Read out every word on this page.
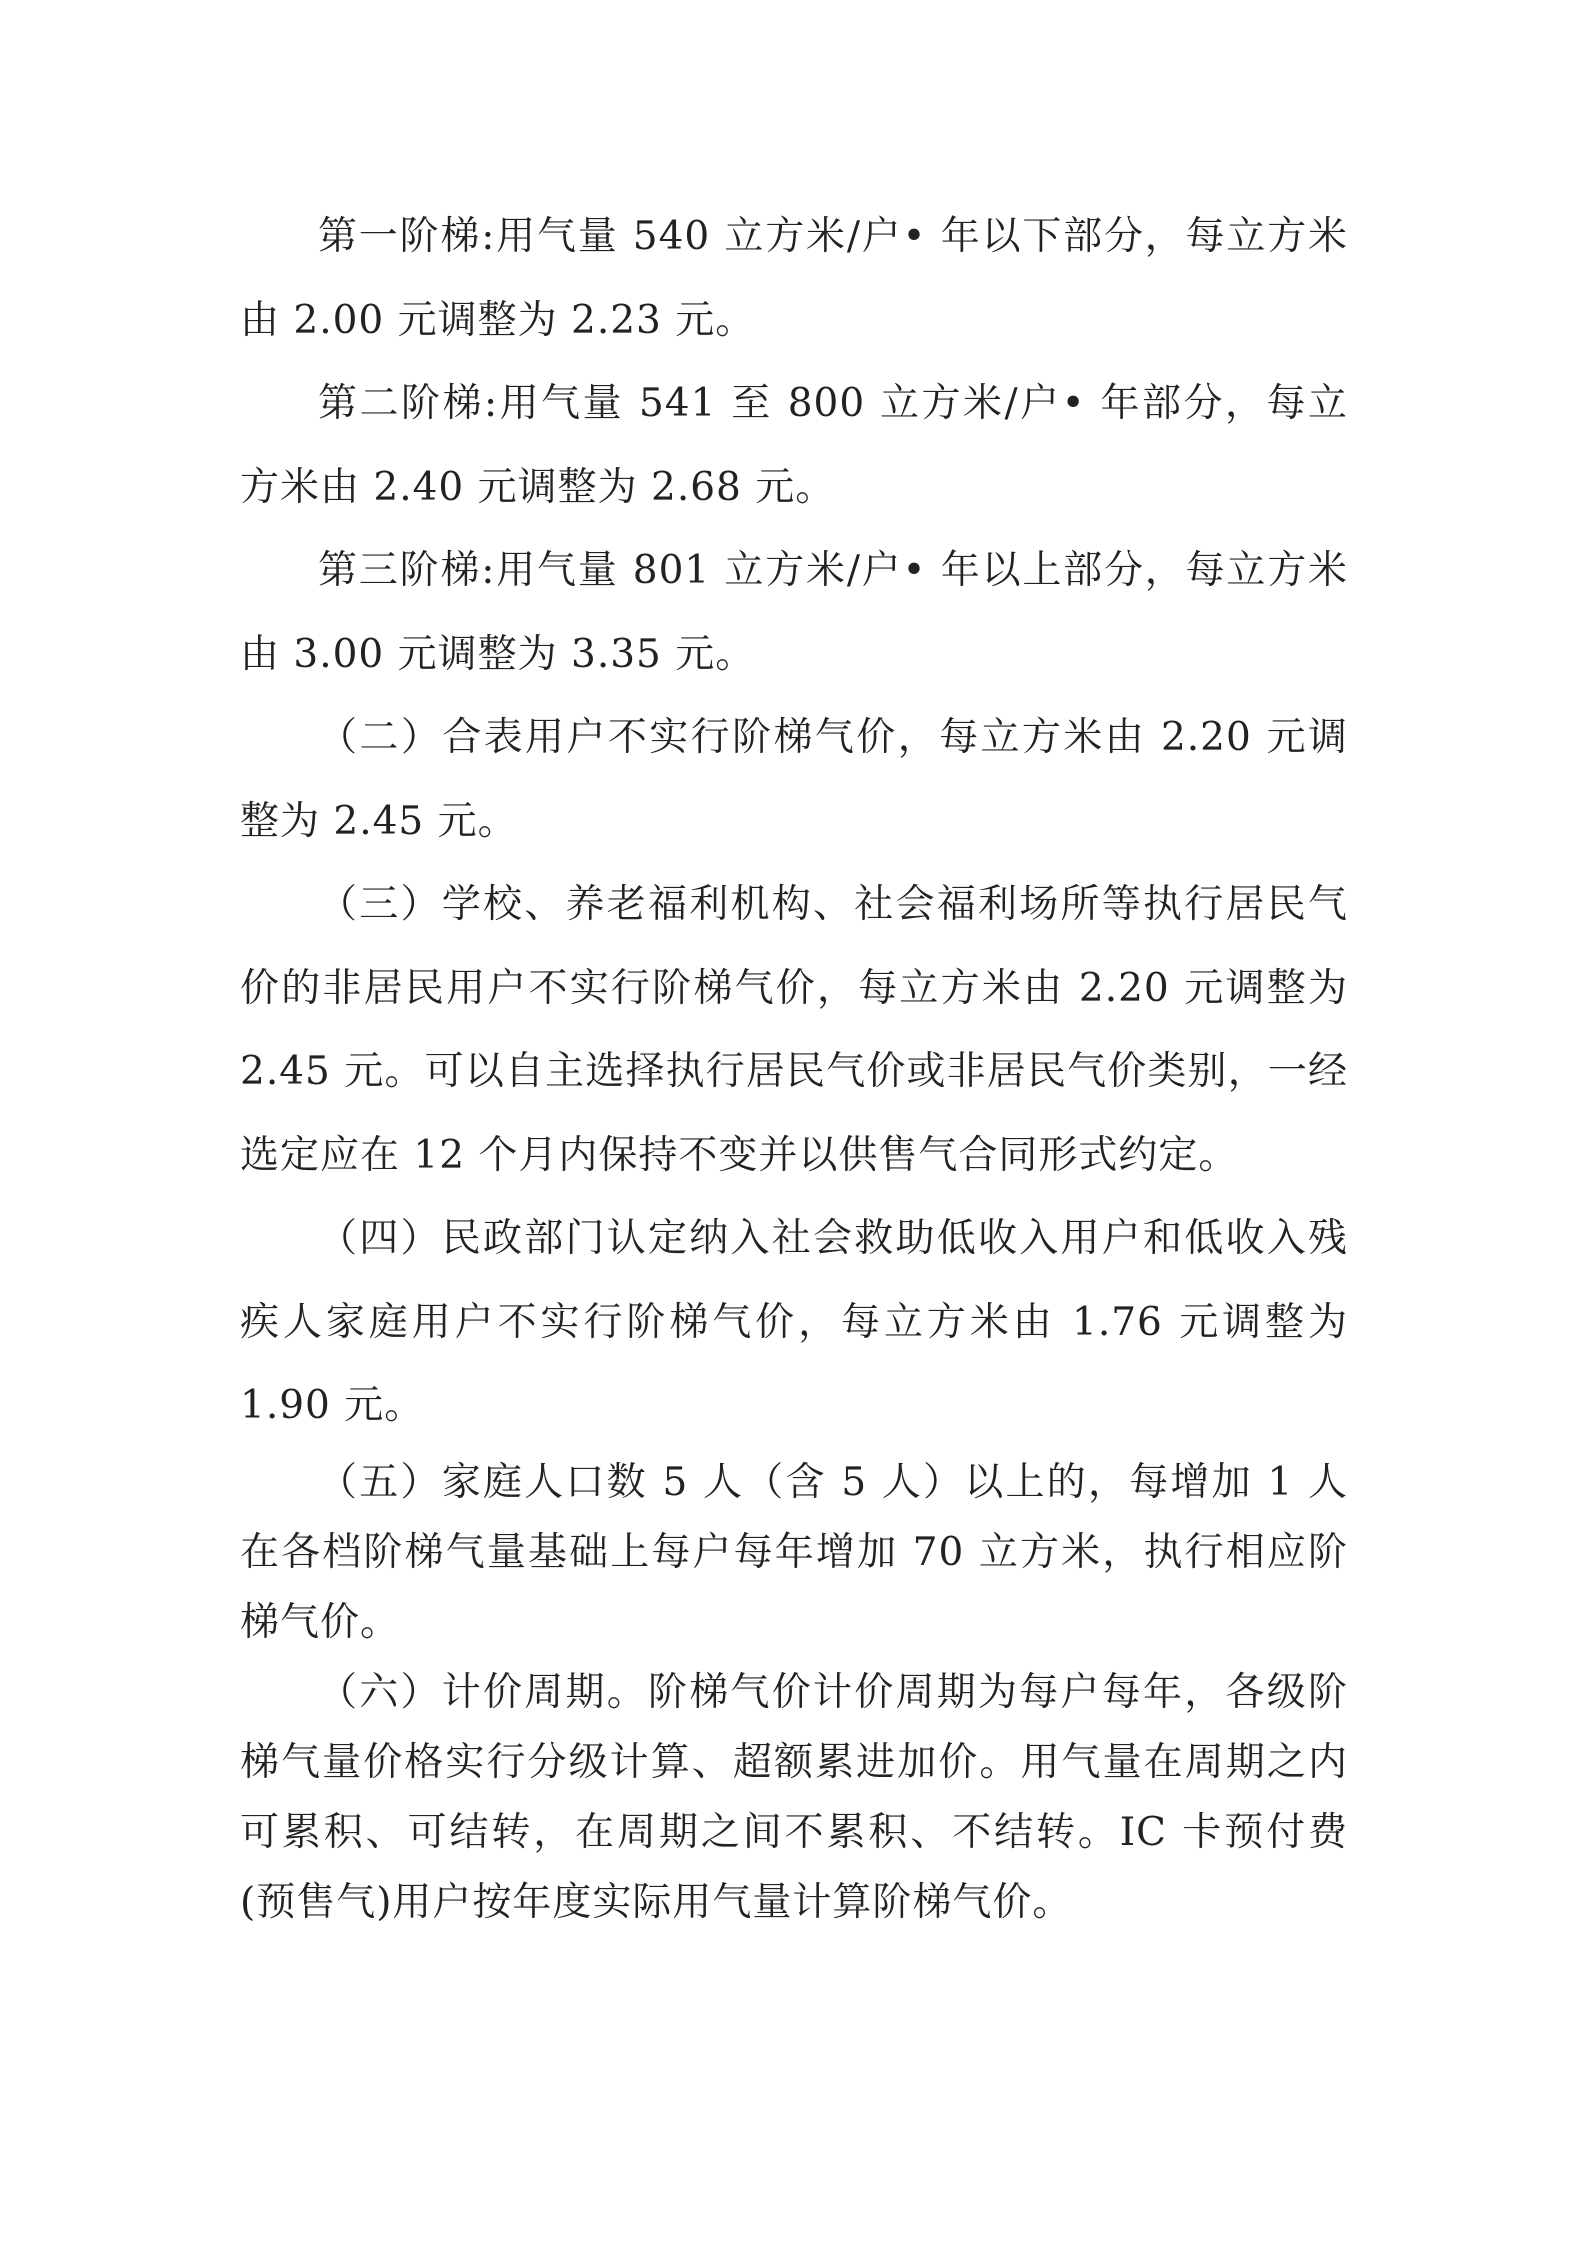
第一阶梯:用气量 540 立方米/户• 年以下部分，每立方米由 2.00 元调整为 2.23 元。

第二阶梯:用气量 541 至 800 立方米/户• 年部分，每立方米由 2.40 元调整为 2.68 元。

第三阶梯:用气量 801 立方米/户• 年以上部分，每立方米由 3.00 元调整为 3.35 元。

（二）合表用户不实行阶梯气价，每立方米由 2.20 元调整为 2.45 元。

（三）学校、养老福利机构、社会福利场所等执行居民气价的非居民用户不实行阶梯气价，每立方米由 2.20 元调整为 2.45 元。可以自主选择执行居民气价或非居民气价类别，一经选定应在 12 个月内保持不变并以供售气合同形式约定。

（四）民政部门认定纳入社会救助低收入用户和低收入残疾人家庭用户不实行阶梯气价，每立方米由 1.76 元调整为 1.90 元。

（五）家庭人口数 5 人（含 5 人）以上的，每增加 1 人在各档阶梯气量基础上每户每年增加 70 立方米，执行相应阶梯气价。

（六）计价周期。阶梯气价计价周期为每户每年，各级阶梯气量价格实行分级计算、超额累进加价。用气量在周期之内可累积、可结转，在周期之间不累积、不结转。IC 卡预付费(预售气)用户按年度实际用气量计算阶梯气价。
